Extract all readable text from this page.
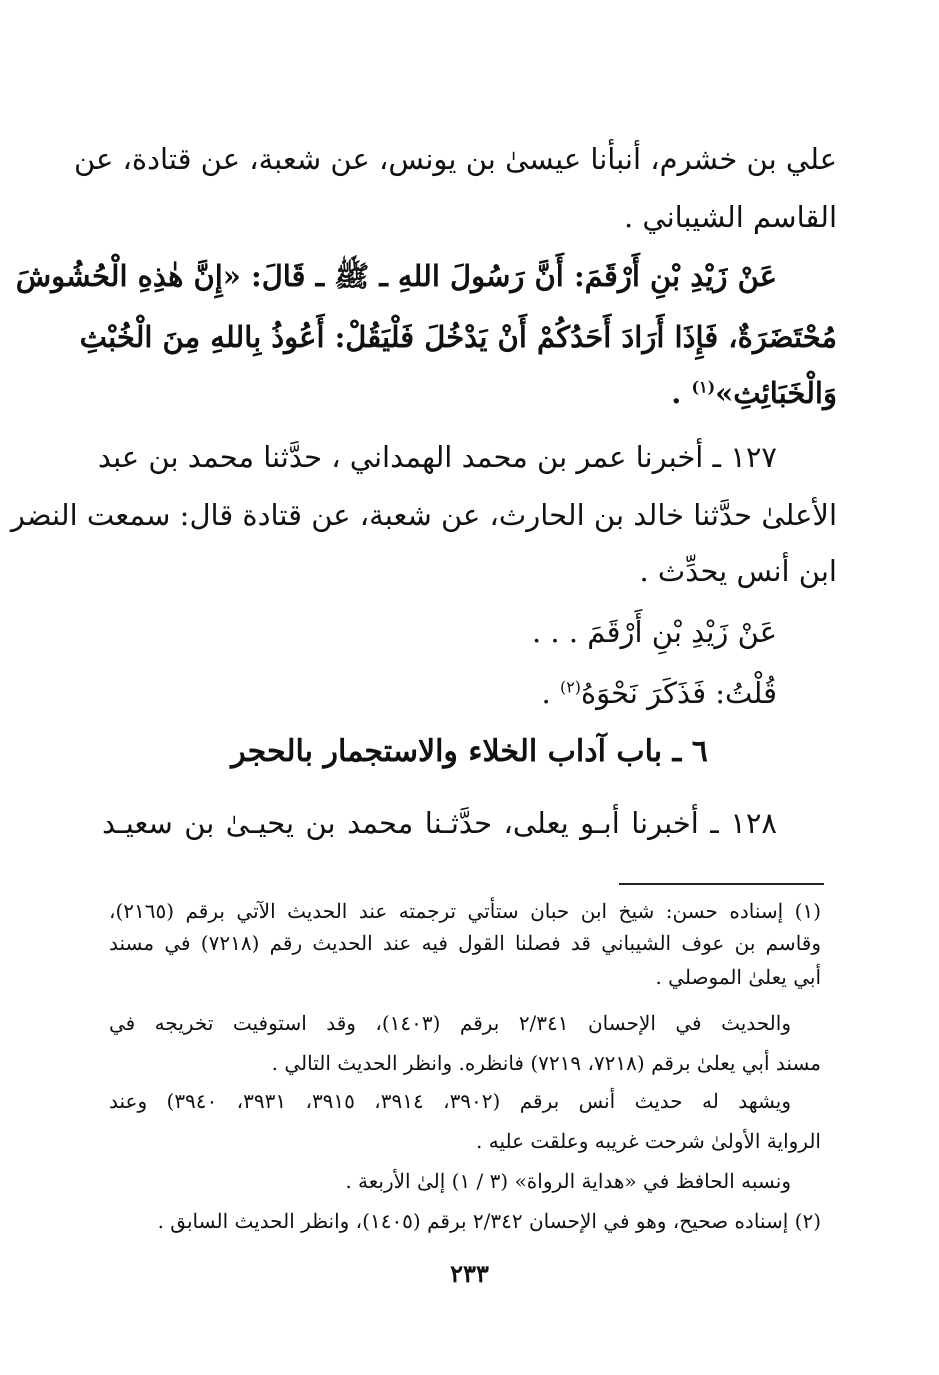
علي بن خشرم، أنبأنا عيسىٰ بن يونس، عن شعبة، عن قتادة، عن
القاسم الشيباني .
عَنْ زَيْدِ بْنِ أَرْقَمَ: أَنَّ رَسُولَ اللهِ ـ ﷺ ـ قَالَ: «إِنَّ هٰذِهِ الْحُشُوشَ
مُحْتَضَرَةٌ، فَإِذَا أَرَادَ أَحَدُكُمْ أَنْ يَدْخُلَ فَلْيَقُلْ: أَعُوذُ بِاللهِ مِنَ الْخُبْثِ
وَالْخَبَائِثِ»$^{(١)}$ .
١٢٧ ـ أخبرنا عمر بن محمد الهمداني ، حدَّثنا محمد بن عبد
الأعلىٰ حدَّثنا خالد بن الحارث، عن شعبة، عن قتادة قال: سمعت النضر
ابن أنس يحدِّث .
عَنْ زَيْدِ بْنِ أَرْقَمَ . . .
قُلْتُ: فَذَكَرَ نَحْوَهُ$^{(٢)}$ .
٦ ـ باب آداب الخلاء والاستجمار بالحجر
١٢٨ ـ أخبرنا أبـو يعلى، حدَّثـنا محمد بن يحيـىٰ بن سعيـد
(١) إسناده حسن: شيخ ابن حبان ستأتي ترجمته عند الحديث الآتي برقم (٢١٦٥)،
وقاسم بن عوف الشيباني قد فصلنا القول فيه عند الحديث رقم (٧٢١٨) في مسند
أبي يعلىٰ الموصلي .
والحديث في الإحسان ٢/٣٤١ برقم (١٤٠٣)، وقد استوفيت تخريجه في
مسند أبي يعلىٰ برقم (٧٢١٨، ٧٢١٩) فانظره. وانظر الحديث التالي .
ويشهد له حديث أنس برقم (٣٩٠٢، ٣٩١٤، ٣٩١٥، ٣٩٣١، ٣٩٤٠) وعند
الرواية الأولىٰ شرحت غريبه وعلقت عليه .
ونسبه الحافظ في «هداية الرواة» (٣ / ١) إلىٰ الأربعة .
(٢) إسناده صحيح، وهو في الإحسان ٢/٣٤٢ برقم (١٤٠٥)، وانظر الحديث السابق .
٢٣٣
